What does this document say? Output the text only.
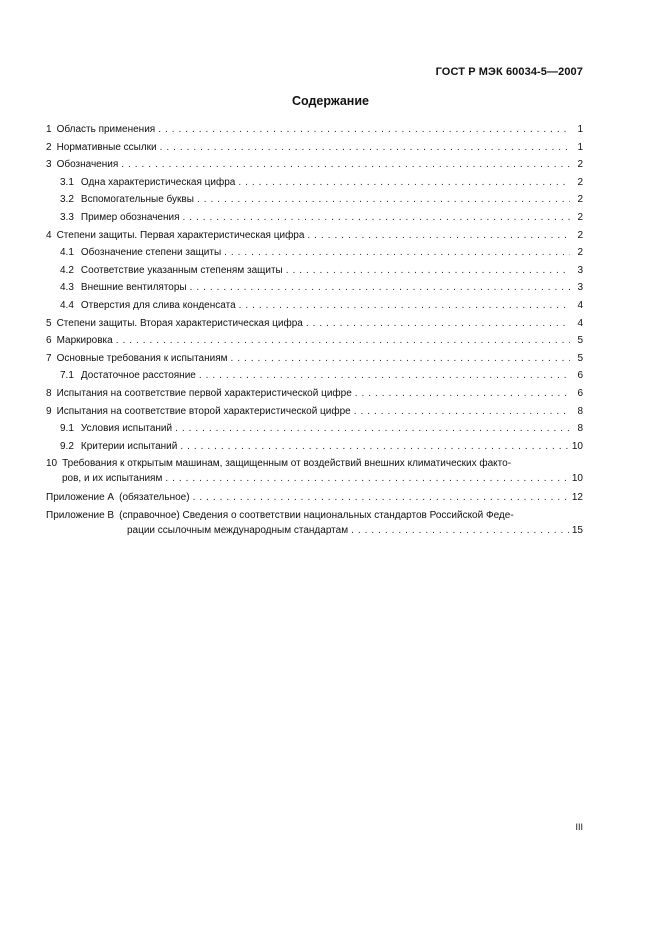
ГОСТ Р МЭК 60034-5—2007
Содержание
1 Область применения . . .	1
2 Нормативные ссылки . . .	1
3 Обозначения . . .	2
3.1 Одна характеристическая цифра . . .	2
3.2 Вспомогательные буквы . . .	2
3.3 Пример обозначения . . .	2
4 Степени защиты. Первая характеристическая цифра . . .	2
4.1 Обозначение степени защиты . . .	2
4.2 Соответствие указанным степеням защиты . . .	3
4.3 Внешние вентиляторы . . .	3
4.4 Отверстия для слива конденсата . . .	4
5 Степени защиты. Вторая характеристическая цифра . . .	4
6 Маркировка . . .	5
7 Основные требования к испытаниям . . .	5
7.1 Достаточное расстояние . . .	6
8 Испытания на соответствие первой характеристической цифре . . .	6
9 Испытания на соответствие второй характеристической цифре . . .	8
9.1 Условия испытаний . . .	8
9.2 Критерии испытаний . . .	10
10 Требования к открытым машинам, защищенным от воздействий внешних климатических факто-
ров, и их испытаниям . . .	10
Приложение А (обязательное) . . .	12
Приложение В (справочное) Сведения о соответствии национальных стандартов Российской Феде-
рации ссылочным международным стандартам . . .	15
III
